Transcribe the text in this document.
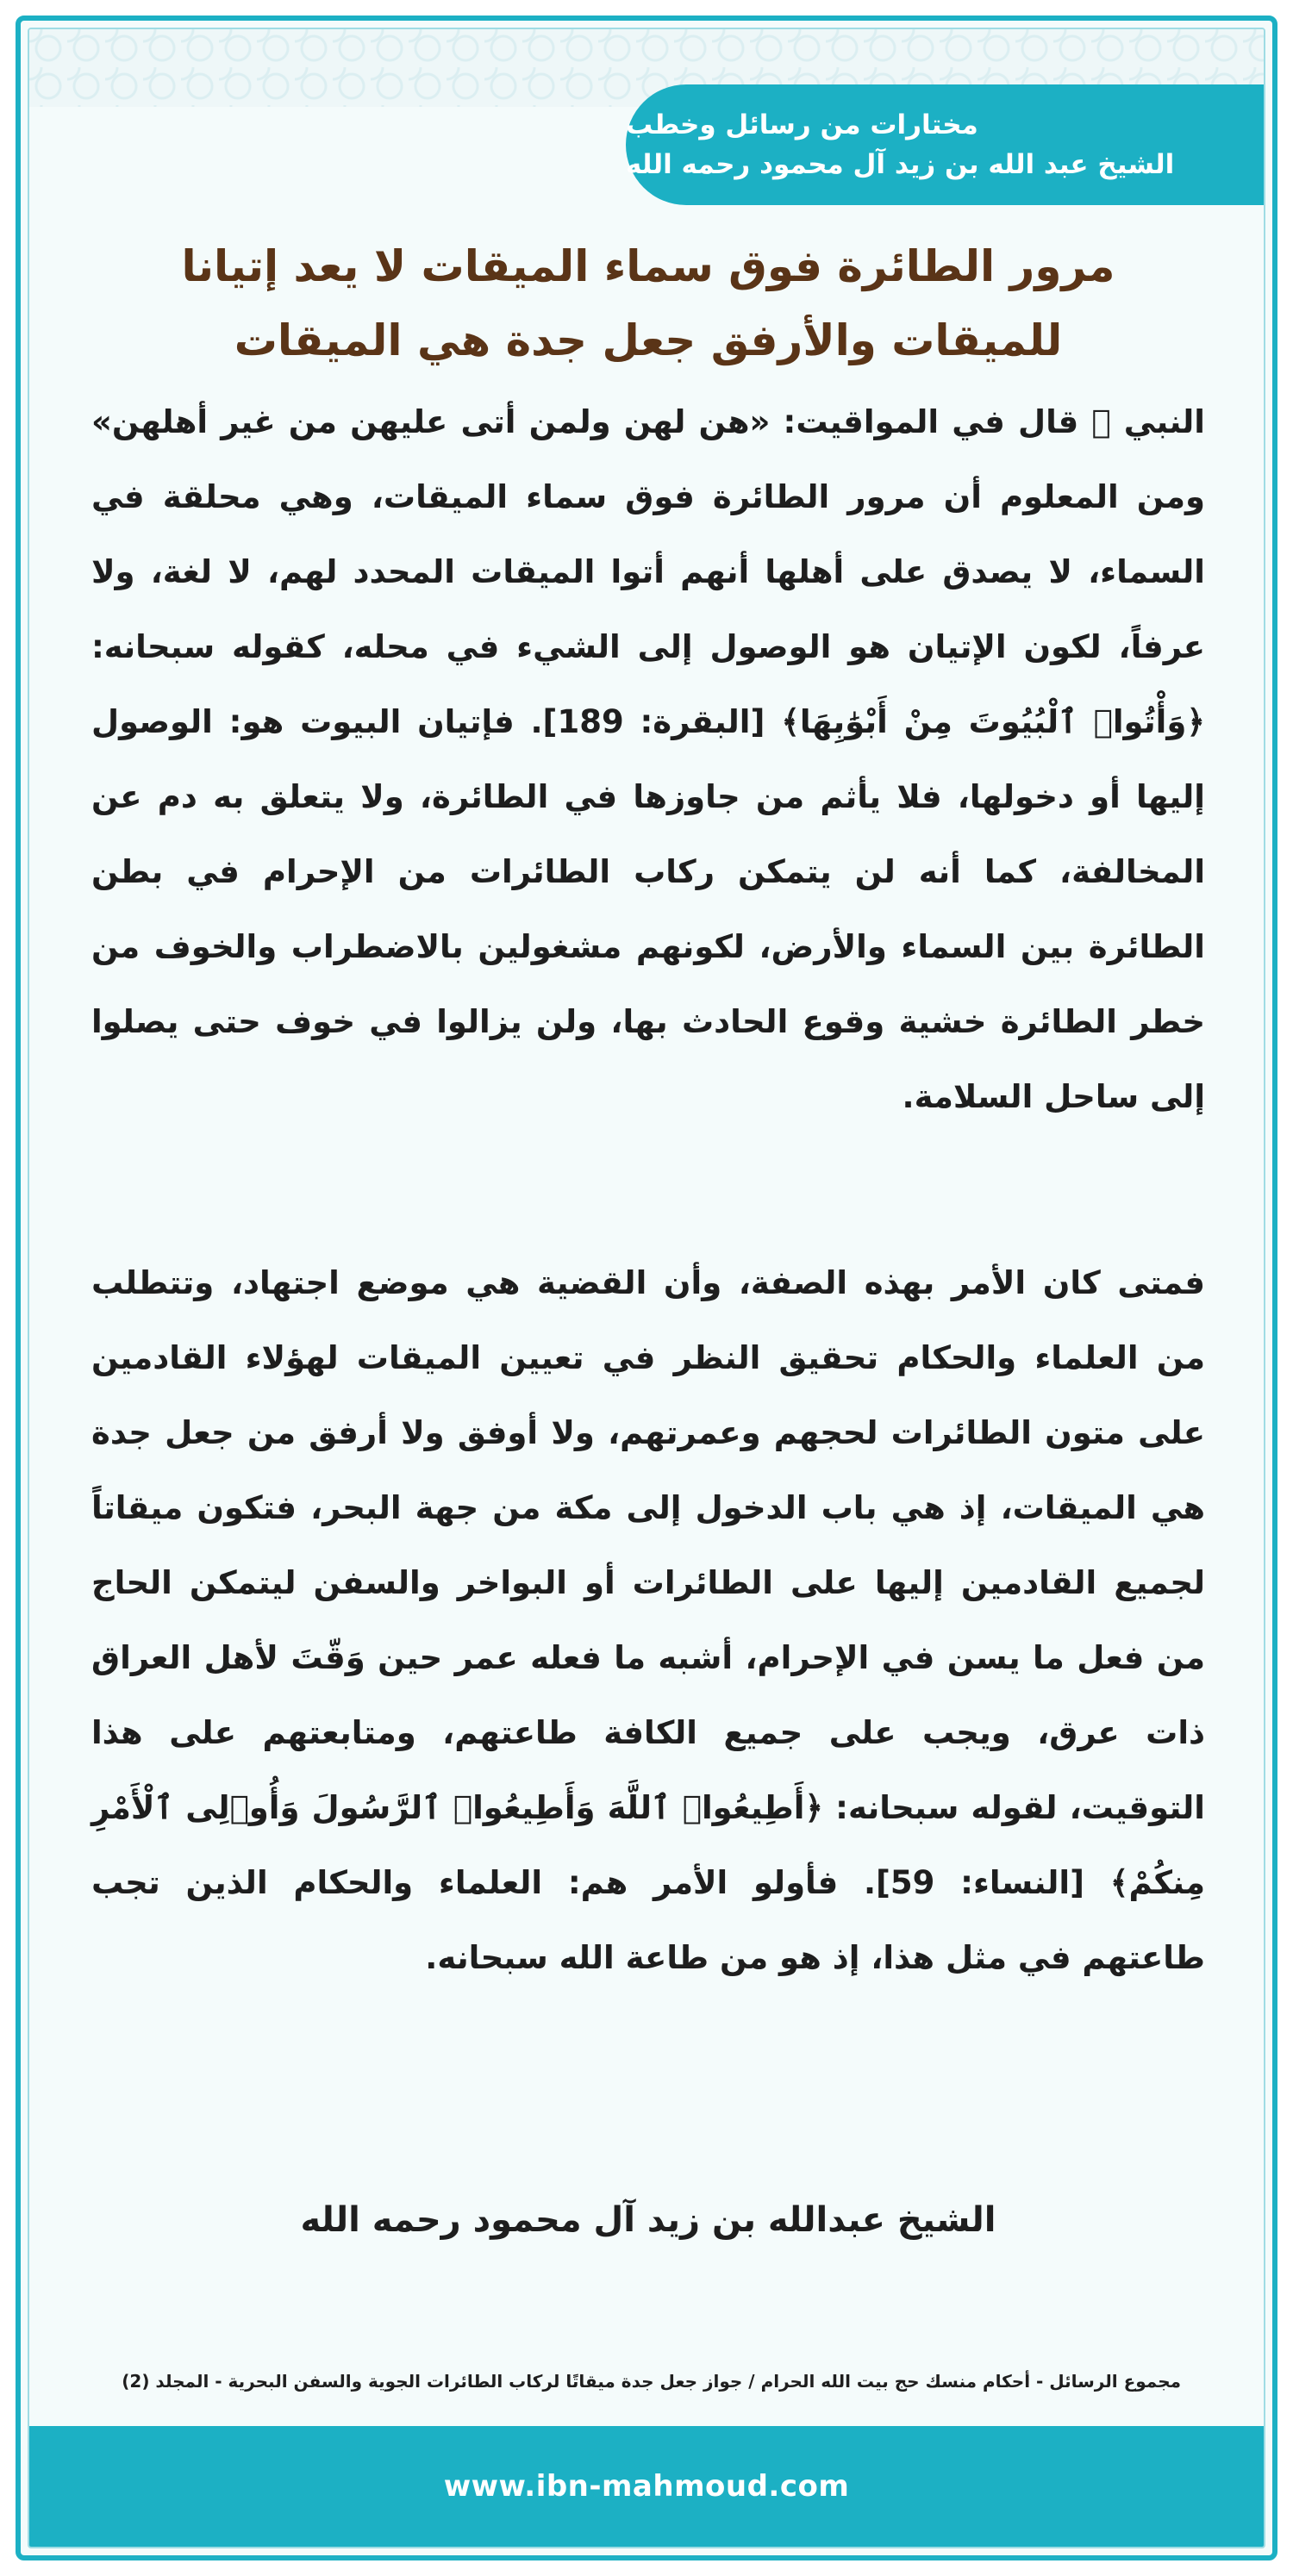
مختارات من رسائل وخطب
الشيخ عبد الله بن زيد آل محمود رحمه الله
مرور الطائرة فوق سماء الميقات لا يعد إتيانا
للميقات والأرفق جعل جدة هي الميقات

النبي ﷺ قال في المواقيت: «هن لهن ولمن أتى عليهن من غير أهلهن» ومن المعلوم أن مرور الطائرة فوق سماء الميقات، وهي محلقة في السماء، لا يصدق على أهلها أنهم أتوا الميقات المحدد لهم، لا لغة، ولا عرفاً، لكون الإتيان هو الوصول إلى الشيء في محله، كقوله سبحانه: ﴿وَأْتُوا۟ ٱلْبُيُوتَ مِنْ أَبْوَٰبِهَا﴾ [البقرة: 189]. فإتيان البيوت هو: الوصول إليها أو دخولها، فلا يأثم من جاوزها في الطائرة، ولا يتعلق به دم عن المخالفة، كما أنه لن يتمكن ركاب الطائرات من الإحرام في بطن الطائرة بين السماء والأرض، لكونهم مشغولين بالاضطراب والخوف من خطر الطائرة خشية وقوع الحادث بها، ولن يزالوا في خوف حتى يصلوا إلى ساحل السلامة.

فمتى كان الأمر بهذه الصفة، وأن القضية هي موضع اجتهاد، وتتطلب من العلماء والحكام تحقيق النظر في تعيين الميقات لهؤلاء القادمين على متون الطائرات لحجهم وعمرتهم، ولا أوفق ولا أرفق من جعل جدة هي الميقات، إذ هي باب الدخول إلى مكة من جهة البحر، فتكون ميقاتاً لجميع القادمين إليها على الطائرات أو البواخر والسفن ليتمكن الحاج من فعل ما يسن في الإحرام، أشبه ما فعله عمر حين وَقّتَ لأهل العراق ذات عرق، ويجب على جميع الكافة طاعتهم، ومتابعتهم على هذا التوقيت، لقوله سبحانه: ﴿أَطِيعُوا۟ ٱللَّهَ وَأَطِيعُوا۟ ٱلرَّسُولَ وَأُو۟لِى ٱلْأَمْرِ مِنكُمْ﴾ [النساء: 59]. فأولو الأمر هم: العلماء والحكام الذين تجب طاعتهم في مثل هذا، إذ هو من طاعة الله سبحانه.

الشيخ عبدالله بن زيد آل محمود رحمه الله
مجموع الرسائل - أحكام منسك حج بيت الله الحرام / جواز جعل جدة ميقاتًا لركاب الطائرات الجوية والسفن البحرية - المجلد (2)
www.ibn-mahmoud.com
